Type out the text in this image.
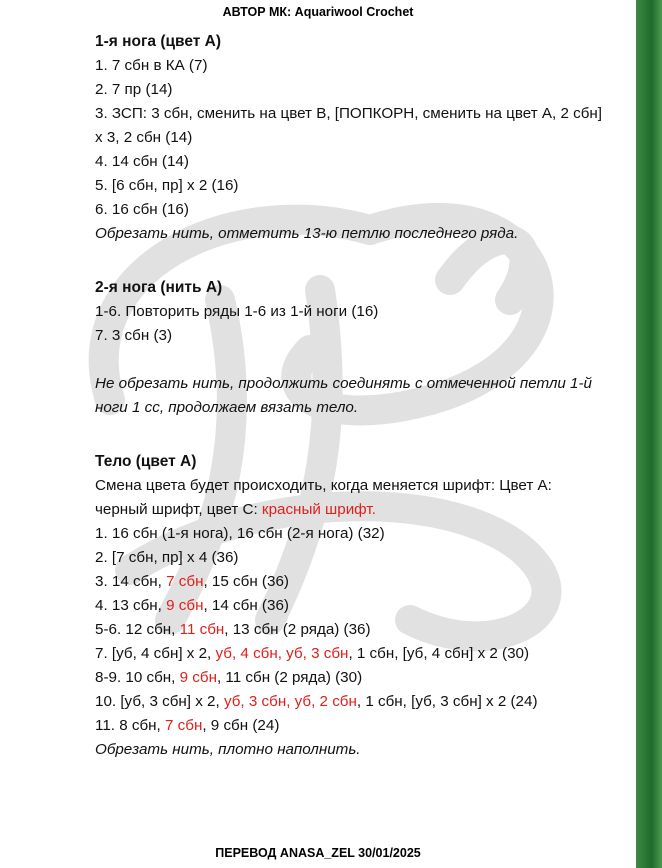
АВТОР МК: Aquariwool Crochet
1-я нога (цвет А)
1. 7 сбн в КА (7)
2. 7 пр (14)
3. ЗСП: 3 сбн, сменить на цвет В, [ПОПКОРН, сменить на цвет А, 2 сбн] х 3, 2 сбн (14)
4. 14 сбн (14)
5. [6 сбн, пр] х 2 (16)
6. 16 сбн (16)
Обрезать нить, отметить 13-ю петлю последнего ряда.
2-я нога (нить А)
1-6. Повторить ряды 1-6 из 1-й ноги (16)
7. 3 сбн (3)
Не обрезать нить, продолжить соединять с отмеченной петли 1-й ноги 1 сс, продолжаем вязать тело.
Тело (цвет А)
Смена цвета будет происходить, когда меняется шрифт: Цвет А: черный шрифт, цвет С: красный шрифт.
1. 16 сбн (1-я нога), 16 сбн (2-я нога) (32)
2. [7 сбн, пр] х 4 (36)
3. 14 сбн, 7 сбн, 15 сбн (36)
4. 13 сбн, 9 сбн, 14 сбн (36)
5-6. 12 сбн, 11 сбн, 13 сбн (2 ряда) (36)
7. [уб, 4 сбн] х 2, уб, 4 сбн, уб, 3 сбн, 1 сбн, [уб, 4 сбн] х 2 (30)
8-9. 10 сбн, 9 сбн, 11 сбн (2 ряда) (30)
10. [уб, 3 сбн] х 2, уб, 3 сбн, уб, 2 сбн, 1 сбн, [уб, 3 сбн] х 2 (24)
11. 8 сбн, 7 сбн, 9 сбн (24)
Обрезать нить, плотно наполнить.
ПЕРЕВОД ANASA_ZEL 30/01/2025
